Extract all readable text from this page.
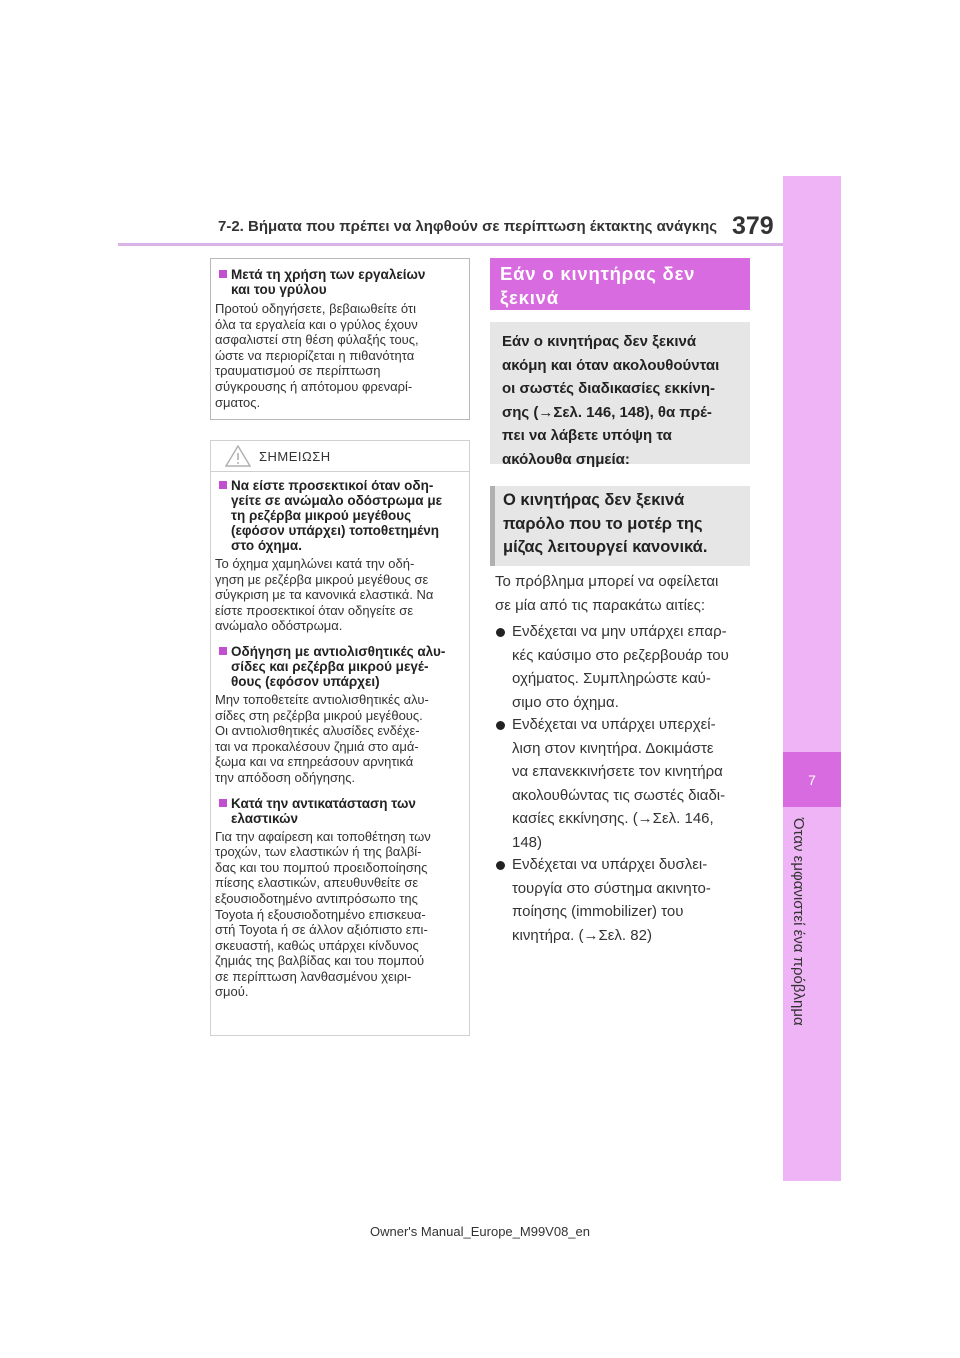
7-2. Βήματα που πρέπει να ληφθούν σε περίπτωση έκτακτης ανάγκης 379
7
Όταν εμφανιστεί ένα πρόβλημα
Μετά τη χρήση των εργαλείων
και του γρύλου
Προτού οδηγήσετε, βεβαιωθείτε ότι
όλα τα εργαλεία και ο γρύλος έχουν
ασφαλιστεί στη θέση φύλαξής τους,
ώστε να περιορίζεται η πιθανότητα
τραυματισμού σε περίπτωση
σύγκρουσης ή απότομου φρεναρί-
σματος.
ΣΗΜΕΙΩΣΗ
Να είστε προσεκτικοί όταν οδη-
γείτε σε ανώμαλο οδόστρωμα με
τη ρεζέρβα μικρού μεγέθους
(εφόσον υπάρχει) τοποθετημένη
στο όχημα.
Το όχημα χαμηλώνει κατά την οδή-
γηση με ρεζέρβα μικρού μεγέθους σε
σύγκριση με τα κανονικά ελαστικά. Να
είστε προσεκτικοί όταν οδηγείτε σε
ανώμαλο οδόστρωμα.
Οδήγηση με αντιολισθητικές αλυ-
σίδες και ρεζέρβα μικρού μεγέ-
θους (εφόσον υπάρχει)
Μην τοποθετείτε αντιολισθητικές αλυ-
σίδες στη ρεζέρβα μικρού μεγέθους.
Οι αντιολισθητικές αλυσίδες ενδέχε-
ται να προκαλέσουν ζημιά στο αμά-
ξωμα και να επηρεάσουν αρνητικά
την απόδοση οδήγησης.
Κατά την αντικατάσταση των
ελαστικών
Για την αφαίρεση και τοποθέτηση των
τροχών, των ελαστικών ή της βαλβί-
δας και του πομπού προειδοποίησης
πίεσης ελαστικών, απευθυνθείτε σε
εξουσιοδοτημένο αντιπρόσωπο της
Toyota ή εξουσιοδοτημένο επισκευα-
στή Toyota ή σε άλλον αξιόπιστο επι-
σκευαστή, καθώς υπάρχει κίνδυνος
ζημιάς της βαλβίδας και του πομπού
σε περίπτωση λανθασμένου χειρι-
σμού.
Εάν ο κινητήρας δεν
ξεκινά
Εάν ο κινητήρας δεν ξεκινά
ακόμη και όταν ακολουθούνται
οι σωστές διαδικασίες εκκίνη-
σης (→Σελ. 146, 148), θα πρέ-
πει να λάβετε υπόψη τα
ακόλουθα σημεία:
Ο κινητήρας δεν ξεκινά
παρόλο που το μοτέρ της
μίζας λειτουργεί κανονικά.
Το πρόβλημα μπορεί να οφείλεται
σε μία από τις παρακάτω αιτίες:
Ενδέχεται να μην υπάρχει επαρ-
κές καύσιμο στο ρεζερβουάρ του
οχήματος. Συμπληρώστε καύ-
σιμο στο όχημα.
Ενδέχεται να υπάρχει υπερχεί-
λιση στον κινητήρα. Δοκιμάστε
να επανεκκινήσετε τον κινητήρα
ακολουθώντας τις σωστές διαδι-
κασίες εκκίνησης. (→Σελ. 146,
148)
Ενδέχεται να υπάρχει δυσλει-
τουργία στο σύστημα ακινητο-
ποίησης (immobilizer) του
κινητήρα. (→Σελ. 82)
Owner's Manual_Europe_M99V08_en
